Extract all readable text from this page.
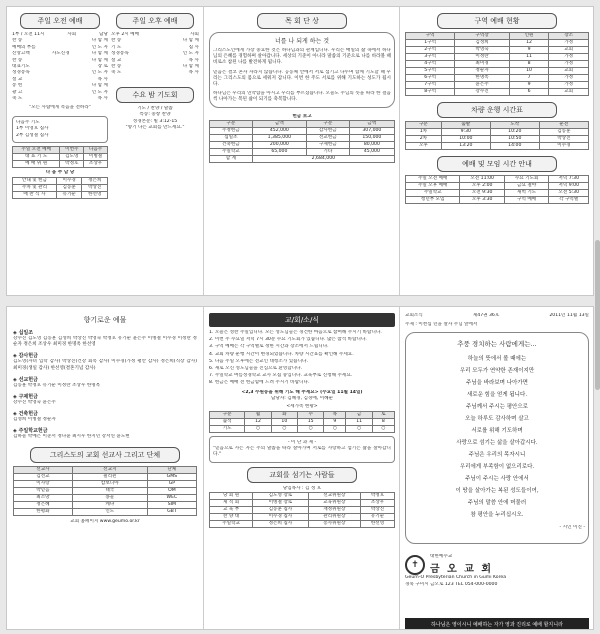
주일 오전 예배
1부 / 오전 11시	사회	담당
찬 송	다 함 께
예배의 부름	인 도 자
신앙고백	사도신경	다 함 께
찬 송	다 함 께
대표기도	장 로
성경봉독	인 도 자
설 교	목 사
봉 헌	다 함 께
광 고	인 도 자
축 도	목 사
"모든 사람에게 복음을 전하라"
다음주 기도
1부 이영호 집사
2부 김성철 집사
주일 오전 예배	이번주	다음주
대 표 기 도	김도영	이병철
예 배 위 원	박정호	조상우
다 음 주 담 당
안내 및 헌금	이수경	정은희
주차 및 관리	김동훈	박상진
애 찬 식 사	유기순	한선영
주일 오후 예배
오후 2시 예배	사회
찬 송	다 함 께
기 도	집 사
성경봉독	인 도 자
설 교	목 사
찬 송	다 함 께
축 도	목 사
수요 밤 기도회
기도 / 찬양 / 말씀
특송: 중창 찬양
성경본문: 빌 3:12-15
"향기 나는 교회를 만드세요."
목 회 단 상
너를 나 되게 하는 것
그리스도인에게 가장 중요한 것은 하나님과의 관계입니다. 우리는 매일의 삶 속에서 하나님의 은혜를 경험하며 살아갑니다. 세상의 기준이 아니라 말씀의 기준으로 나를 바라볼 때 비로소 참된 나를 발견하게 됩니다.
믿음은 결코 혼자 자라지 않습니다. 공동체 안에서 서로 섬기고 나누며 함께 기도할 때 우리는 그리스도의 몸으로 세워져 갑니다. 이번 한 주도 서로를 위해 기도하는 성도가 됩시다.
하나님은 우리의 연약함을 아시고 우리를 부르셨습니다. 오늘도 주님의 뜻을 따라 한 걸음씩 나아가는 복된 삶이 되기를 축복합니다.
헌금 보고
구분	금액	구분	금액
주정헌금	452,000	감사헌금	307,000
십일조	1,385,000	선교헌금	150,000
건축헌금	200,000	구제헌금	80,000
주일학교	65,000	기타	45,000
합 계	2,684,000		
구역 예배 현황
구역	구역장	인원	장소
1구역	김성희	12	가정
2구역	박영숙	9	교회
3구역	이정란	11	가정
4구역	최미경	8	가정
5구역	정순자	10	교회
6구역	한명옥	7	가정
7구역	윤은주	9	가정
8구역	강수진	6	교회
차량 운행 시간표
구분	출발	도착	운전
1차	9:30	10:20	김동훈
2차	10:00	10:50	박상진
오후	13:20	14:00	이수경
예배 및 모임 시간 안내
주일 오전 예배	오전 11:00	수요 기도회	저녁 7:30
주일 오후 예배	오후 2:00	금요 철야	저녁 9:00
주일학교	오전 9:30	새벽 기도	오전 5:30
청년부 모임	오후 3:30	구역 예배	각 구역별
향기로운 예물
◈ 십일조
강수진 김도영 김동훈 김성희 박상진 박영숙 박정호 유기순 윤은주 이병철 이수경 이정란 정순자 정은희 조상우 최미경 한명옥 한선영
◈ 감사헌금
김도영(자녀 입학 감사) 박상진(건강 회복 감사) 이수경(가정 평안 감사) 정은희(직장 감사) 최미경(생일 감사) 한선영(결혼기념 감사)
◈ 선교헌금
김동훈 박정호 유기순 이정란 조상우 한명옥
◈ 구제헌금
강수진 박영숙 윤은주
◈ 건축헌금
김성희 이병철 정순자
◈ 주일학교헌금
김하늘 박예은 이준서 정다윤 최시우 한지민 강서연 윤도현
그리스도의 교회 선교사 그리고 단체
선교사	선교지	단체
김선교	필리핀	GMS
이사랑	캄보디아	GP
박믿음	태국	OM
최소망	몽골	WEC
정은혜	케냐	SIM
한평화	인도	GBT
교회 홈페이지 www.geumo.or.kr
교/회/소/식
1. 오늘은 성찬 주일입니다. 모든 성도님들은 경건한 마음으로 참여해 주시기 바랍니다.
2. 이번 주 수요일 저녁 7시 30분 수요 기도회가 있습니다. 많은 참석 바랍니다.
3. 구역 예배는 각 구역별로 정한 시간과 장소에서 드립니다.
4. 교회 차량 운행 시간이 변경되었습니다. 차량 시간표를 확인해 주세요.
5. 다음 주일 오후에는 전교인 대청소가 있습니다.
6. 새로 오신 성도님들을 진심으로 환영합니다.
7. 주일학교 여름성경학교 교사 모집 중입니다. 교육부로 신청해 주세요.
8. 헌금은 예배 전 헌금함에 드려 주시기 바랍니다.
<2,3 수원동을 위해 기도 해 주세요> (수요일 11월 14일)
담당자: 김혜경, 김경애, 이혜순
<세가족 현황>
구분	월	화	수	목	금	토
출석	12	10	15	9	11	8
기도	○	○	○	○	○	○
- 이 단 과 제 -
"믿음으로 사는 자는 주의 말씀을 따라 살아가며 서로를 사랑하고 섬기는 삶을 살아갑니다."
교회를 섬기는 사람들
당임목사 : 김 성 호
당 회 원	김도영 장로	선교위원장	박정호
제 직 회	이병철 장로	교육위원장	조상우
교 육 부	김동훈 집사	재정위원장	박상진
찬 양 대	이수경 집사	관리위원장	유기순
주일학교	정은희 집사	봉사위원장	한선영
교회소식	제47권 36호	2011년 11월 13일
주제 : 이천십 년을 살자 주님 앞에서
추풍 경치하는 사람에게는...
하늘의 뜻에서 볼 때에는
우리 모두가 연약한 존재이지만
주님을 바라보며 나아가면
새로운 힘을 얻게 됩니다.
주님께서 주시는 평안으로
오늘 하루도 감사하며 살고
서로를 위해 기도하며
사랑으로 섬기는 삶을 살아갑시다.
주님은 우리의 목자시니
우리에게 부족함이 없으리로다.
주님이 주시는 사랑 안에서
이 땅을 살아가는 복된 성도들이여,
주님의 말씀 안에 머물러
참 평안을 누리십시오.
- 시인 이진 -
✝
대한예수교
금 오 교 회
Geum-O Presbyterian Church in Gumi Korea
경북 구미시 금오로 123 TEL 054-000-0000
하나님은 영이시니 예배하는 자가 영과 진리로 예배 할지니라
